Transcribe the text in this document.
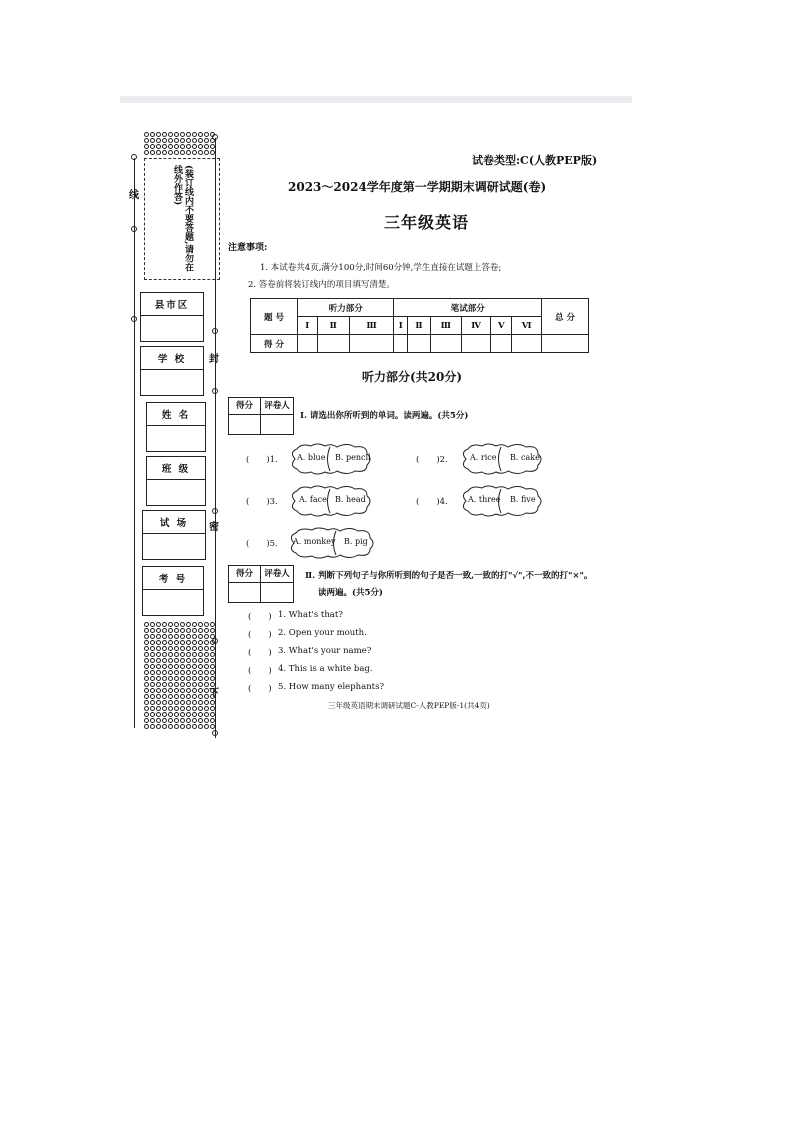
(装订线内不要答题,请勿在线外作答)
线
封
密
下
县市区
学 校
姓 名
班 级
试 场
考 号
试卷类型:C(人教PEP版)
2023～2024学年度第一学期期末调研试题(卷)
三年级英语
注意事项:
1. 本试卷共4页,满分100分,时间60分钟,学生直接在试题上答卷;
2. 答卷前将装订线内的项目填写清楚。
题 号	听力部分			笔试部分						总 分
	Ⅰ	Ⅱ	Ⅲ	Ⅰ	Ⅱ	Ⅲ	Ⅳ	Ⅴ	Ⅵ	
得 分										
听力部分(共20分)
得分	评卷人
Ⅰ. 请选出你所听到的单词。读两遍。(共5分)
(　　)1. A. blue B. pencil	(　　)2.	A. rice B. cake
(　　)3.	A. face B. head	(　　)4.	A. three B. five
(　　)5. A. monkey B. pig
得分	评卷人	Ⅱ. 判断下列句子与你所听到的句子是否一致,一致的打"√",不一致的打"×"。
读两遍。(共5分)
(　　) 1. What's that?
(　　) 2. Open your mouth.
(　　) 3. What's your name?
(　　) 4. This is a white bag.
(　　) 5. How many elephants?
三年级英语期末调研试题C-人教PEP版-1(共4页)
